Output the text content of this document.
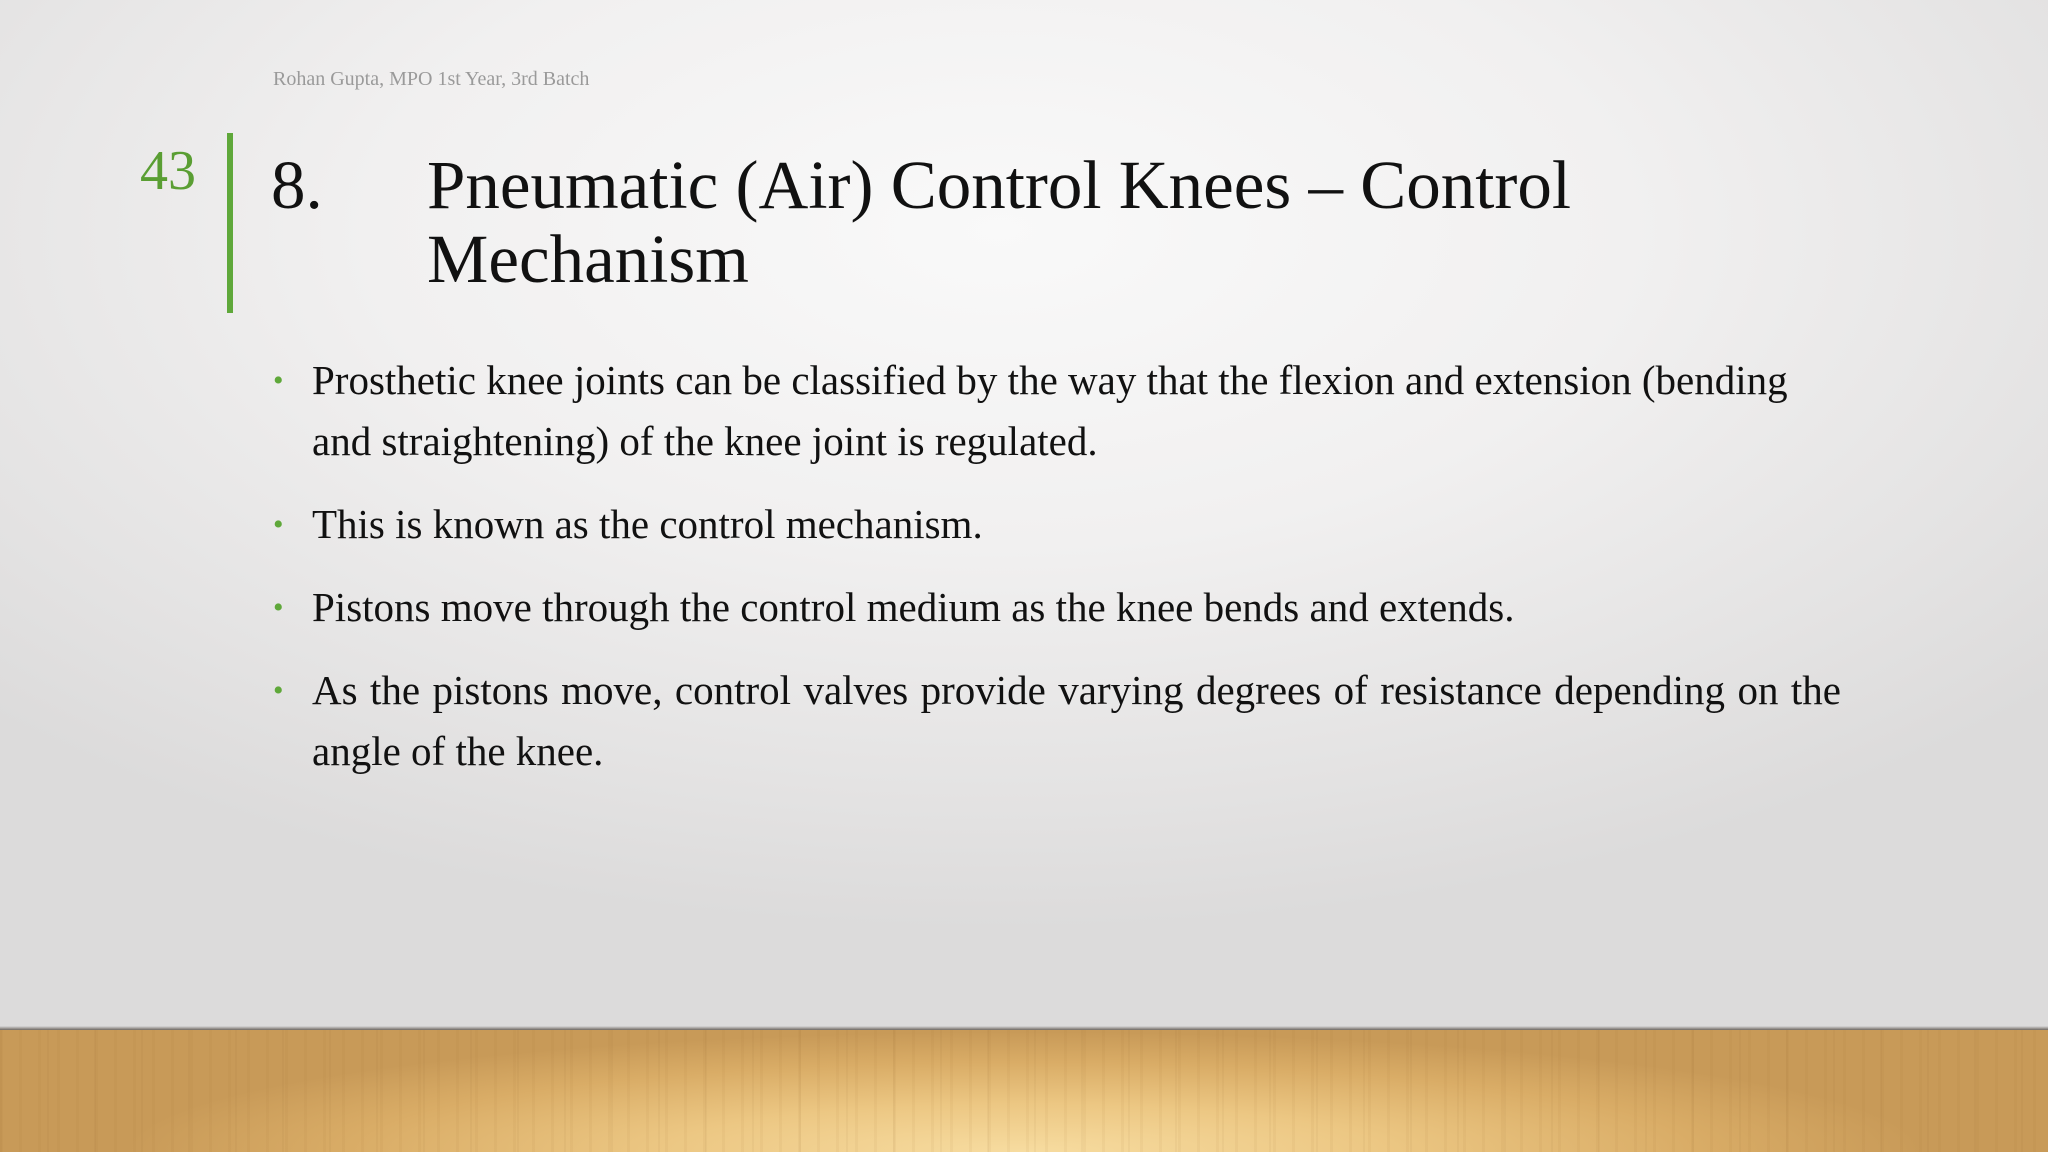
Rohan Gupta, MPO 1st Year, 3rd Batch
43 8. Pneumatic (Air) Control Knees – Control Mechanism
• Prosthetic knee joints can be classified by the way that the flexion and extension (bending and straightening) of the knee joint is regulated.
• This is known as the control mechanism.
• Pistons move through the control medium as the knee bends and extends.
• As the pistons move, control valves provide varying degrees of resistance depending on the angle of the knee.
